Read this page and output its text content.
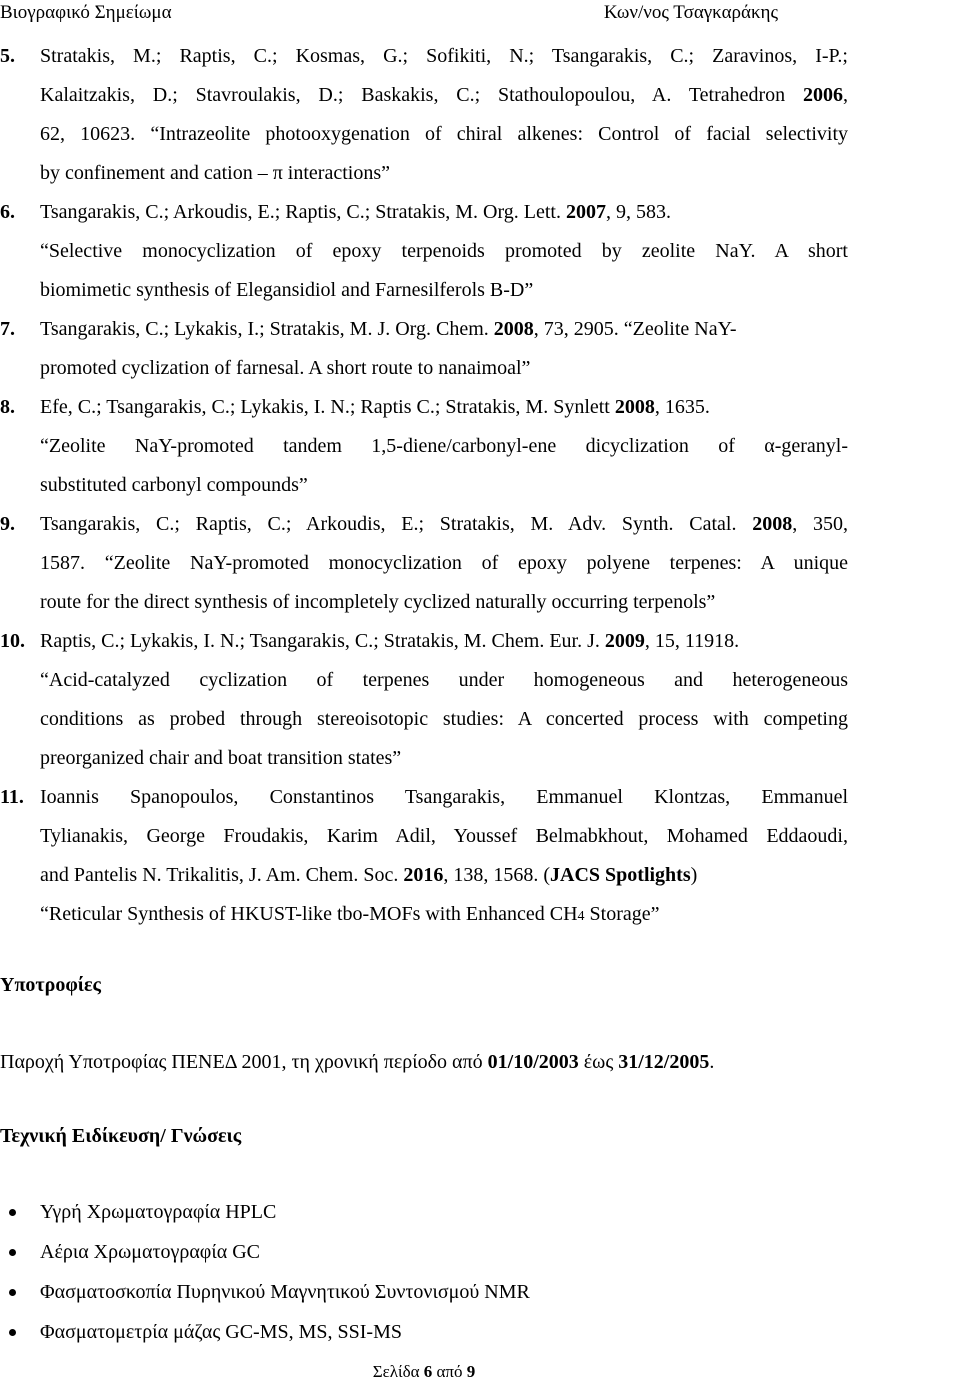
Βιογραφικό Σημείωμα	Κων/νος Τσαγκαράκης
5.	Stratakis, M.; Raptis, C.; Kosmas, G.; Sofikiti, N.; Tsangarakis, C.; Zaravinos, I-P.;
Kalaitzakis, D.; Stavroulakis, D.; Baskakis, C.; Stathoulopoulou, A. Tetrahedron 2006,
62, 10623. “Intrazeolite photooxygenation of chiral alkenes: Control of facial selectivity
by confinement and cation – π interactions”
6.	Tsangarakis, C.; Arkoudis, E.; Raptis, C.; Stratakis, M. Org. Lett. 2007, 9, 583.
“Selective monocyclization of epoxy terpenoids promoted by zeolite NaY. A short
biomimetic synthesis of Elegansidiol and Farnesilferols B-D”
7.	Tsangarakis, C.; Lykakis, I.; Stratakis, M. J. Org. Chem. 2008, 73, 2905. “Zeolite NaY-
promoted cyclization of farnesal. A short route to nanaimoal”
8.	Efe, C.; Tsangarakis, C.; Lykakis, I. N.; Raptis C.; Stratakis, M. Synlett 2008, 1635.
“Zeolite NaY-promoted tandem 1,5-diene/carbonyl-ene dicyclization of α-geranyl-
substituted carbonyl compounds”
9.	Tsangarakis, C.; Raptis, C.; Arkoudis, E.; Stratakis, M. Adv. Synth. Catal. 2008, 350,
1587. “Zeolite NaY-promoted monocyclization of epoxy polyene terpenes: A unique
route for the direct synthesis of incompletely cyclized naturally occurring terpenols”
10. Raptis, C.; Lykakis, I. N.; Tsangarakis, C.; Stratakis, M. Chem. Eur. J. 2009, 15, 11918.
“Acid-catalyzed cyclization of terpenes under homogeneous and heterogeneous
conditions as probed through stereoisotopic studies: A concerted process with competing
preorganized chair and boat transition states”
11. Ioannis Spanopoulos, Constantinos Tsangarakis, Emmanuel Klontzas, Emmanuel
Tylianakis, George Froudakis, Karim Adil, Youssef Belmabkhout, Mohamed Eddaoudi,
and Pantelis N. Trikalitis, J. Am. Chem. Soc. 2016, 138, 1568. (JACS Spotlights)
“Reticular Synthesis of HKUST-like tbo-MOFs with Enhanced CH4 Storage”
Υποτροφίες
Παροχή Υποτροφίας ΠΕΝΕΔ 2001, τη χρονική περίοδο από 01/10/2003 έως 31/12/2005.
Τεχνική Ειδίκευση/ Γνώσεις
Υγρή Χρωματογραφία HPLC
Αέρια Χρωματογραφία GC
Φασματοσκοπία Πυρηνικού Μαγνητικού Συντονισμού NMR
Φασματομετρία μάζας GC-MS, MS, SSI-MS
Σελίδα 6 από 9
